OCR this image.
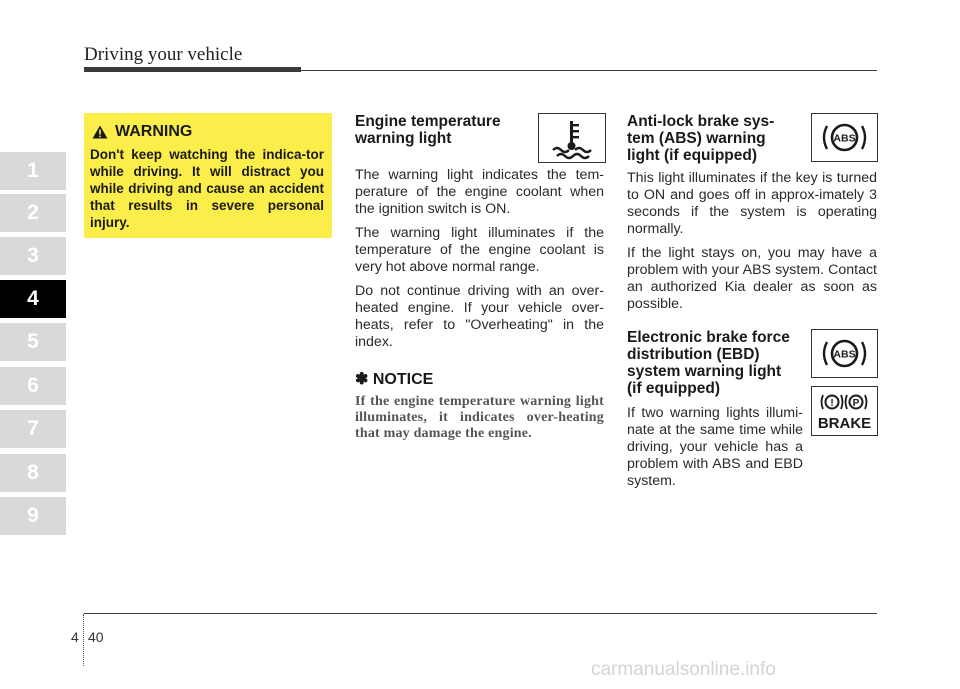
Driving your vehicle
1
2
3
4
5
6
7
8
9
WARNING
Don't keep watching the indica-tor while driving. It will distract you while driving and cause an accident that results in severe personal injury.
Engine temperature
warning light

The warning light indicates the tem-perature of the engine coolant when the ignition switch is ON.

The warning light illuminates if the temperature of the engine coolant is very hot above normal range.

Do not continue driving with an over-heated engine. If your vehicle over-heats, refer to "Overheating" in the index.

✽ NOTICE
If the engine temperature warning light illuminates, it indicates over-heating that may damage the engine.
Anti-lock brake sys-
tem (ABS) warning
light (if equipped)

This light illuminates if the key is turned to ON and goes off in approx-imately 3 seconds if the system is operating normally.

If the light stays on, you may have a problem with your ABS system. Contact an authorized Kia dealer as soon as possible.

ABS
Electronic brake force
distribution (EBD)
system warning light
(if equipped)

If two warning lights illumi-nate at the same time while driving, your vehicle has a problem with ABS and EBD system.

ABS
! P
BRAKE
4 40
carmanualsonline.info
